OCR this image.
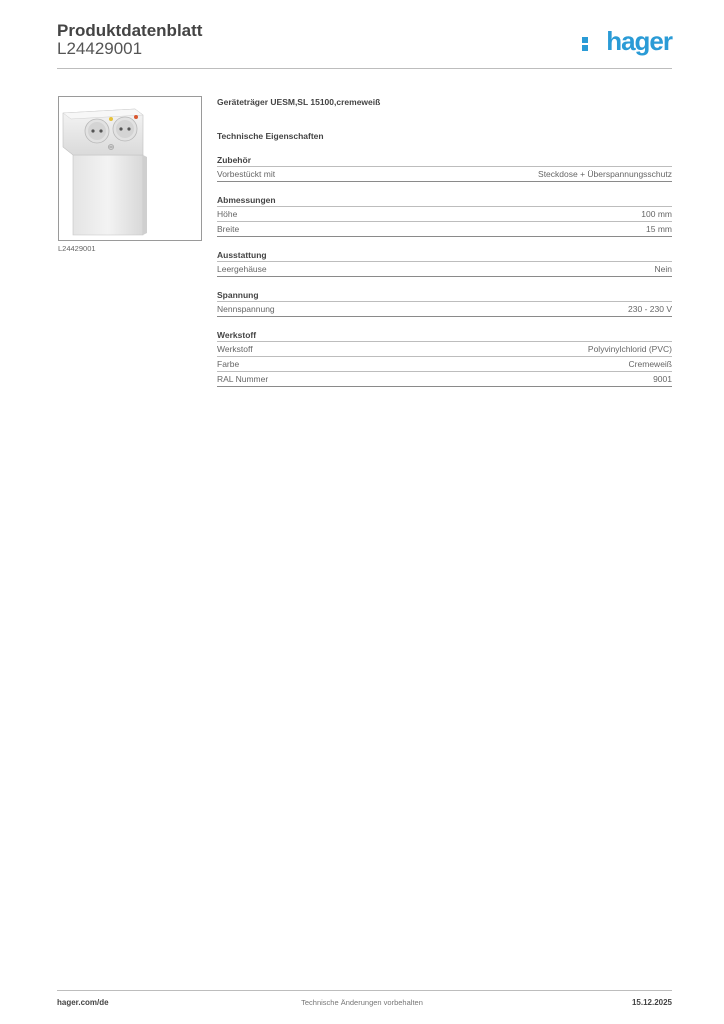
Produktdatenblatt
L24429001	hager
L24429001
Geräteträger UESM,SL 15100,cremeweiß
Technische Eigenschaften
Zubehör
Vorbestückt mit	Steckdose + Überspannungsschutz
Abmessungen
Höhe	100 mm
Breite	15 mm
Ausstattung
Leergehäuse	Nein
Spannung
Nennspannung	230 - 230 V
Werkstoff
Werkstoff	Polyvinylchlorid (PVC)
Farbe	Cremeweiß
RAL Nummer	9001
hager.com/de	Technische Änderungen vorbehalten	15.12.2025
